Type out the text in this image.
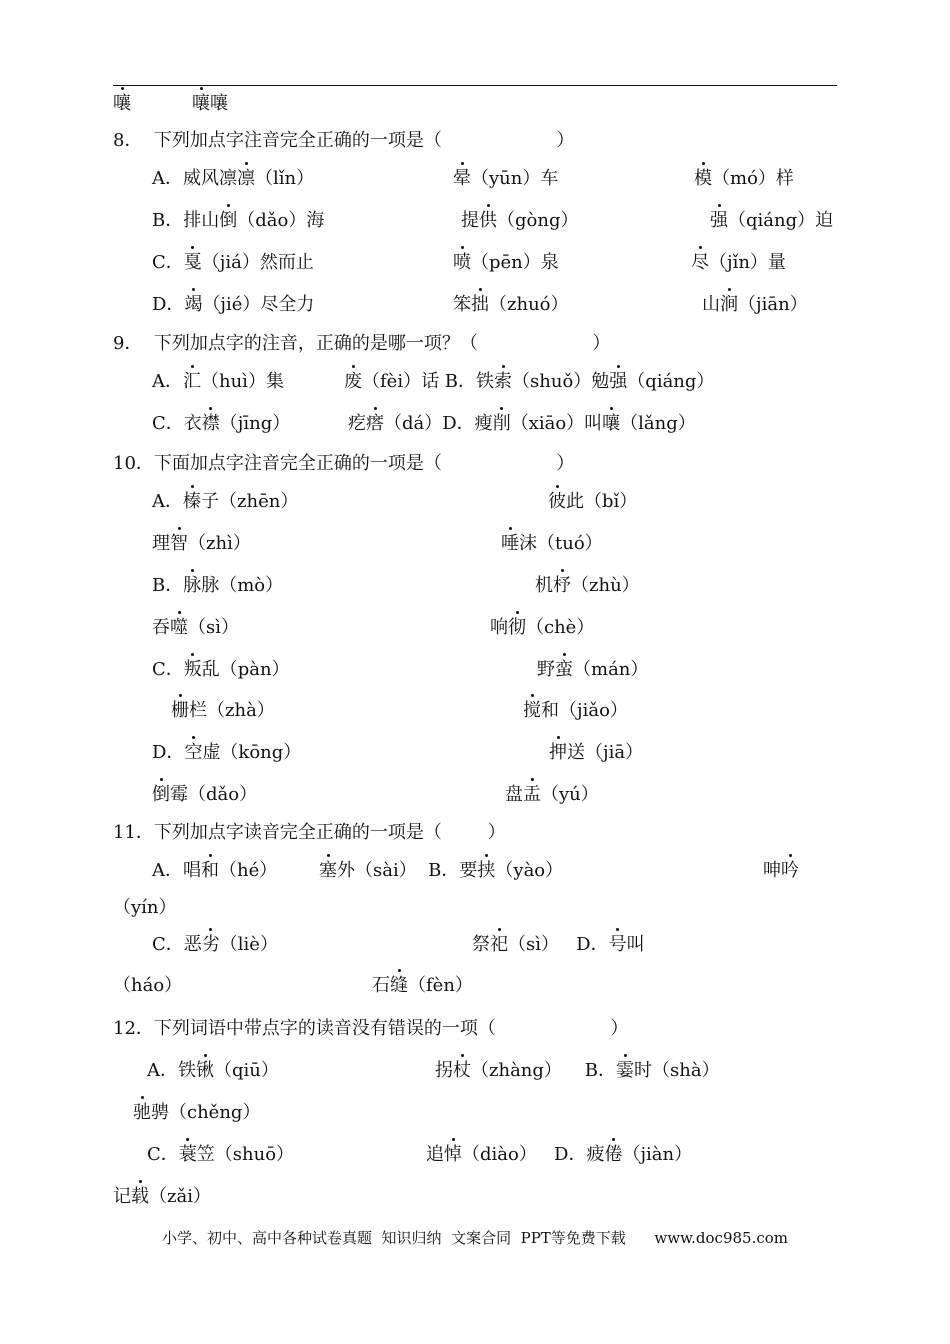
嚷	嚷嚷
8．  下列加点字注音完全正确的一项是（                    ）
A．威风凛凛（lǐn）	晕（yūn）车	模（mó）样
B．排山倒（dǎo）海	提供（gòng）	强（qiáng）迫
C．戛（jiá）然而止	喷（pēn）泉	尽（jǐn）量
D．竭（jié）尽全力	笨拙（zhuó）	山涧（jiān）
9．  下列加点字的注音，正确的是哪一项？（                    ）
A．汇（huì）集	废（fèi）话 B．铁索（shuǒ）勉强（qiáng）
C．衣襟（jīng）	疙瘩（dá）D．瘦削（xiāo）叫嚷（lǎng）
10．下面加点字注音完全正确的一项是（                    ）
A．榛子（zhēn）	彼此（bǐ）
理智（zhì）	唾沫（tuó）
B．脉脉（mò）	机杼（zhù）
吞噬（sì）	响彻（chè）
C．叛乱（pàn）	野蛮（mán）
栅栏（zhà）	搅和（jiǎo）
D．空虚（kōng）	押送（jiā）
倒霉（dǎo）	盘盂（yú）
11．下列加点字读音完全正确的一项是（        ）
A．唱和（hé） 塞外（sài）  B．要挟（yào）	呻吟
（yín）
C．恶劣（liè）	祭祀（sì）   D．号叫
（háo）	石缝（fèn）
12．下列词语中带点字的读音没有错误的一项（                    ）
A．铁锹（qiū）	拐杖（zhàng）    B．霎时（shà）
驰骋（chěng）
C．蓑笠（shuō）	追悼（diào）   D．疲倦（jiàn）
记载（zǎi）
小学、初中、高中各种试卷真题  知识归纳  文案合同  PPT等免费下载      www.doc985.com
